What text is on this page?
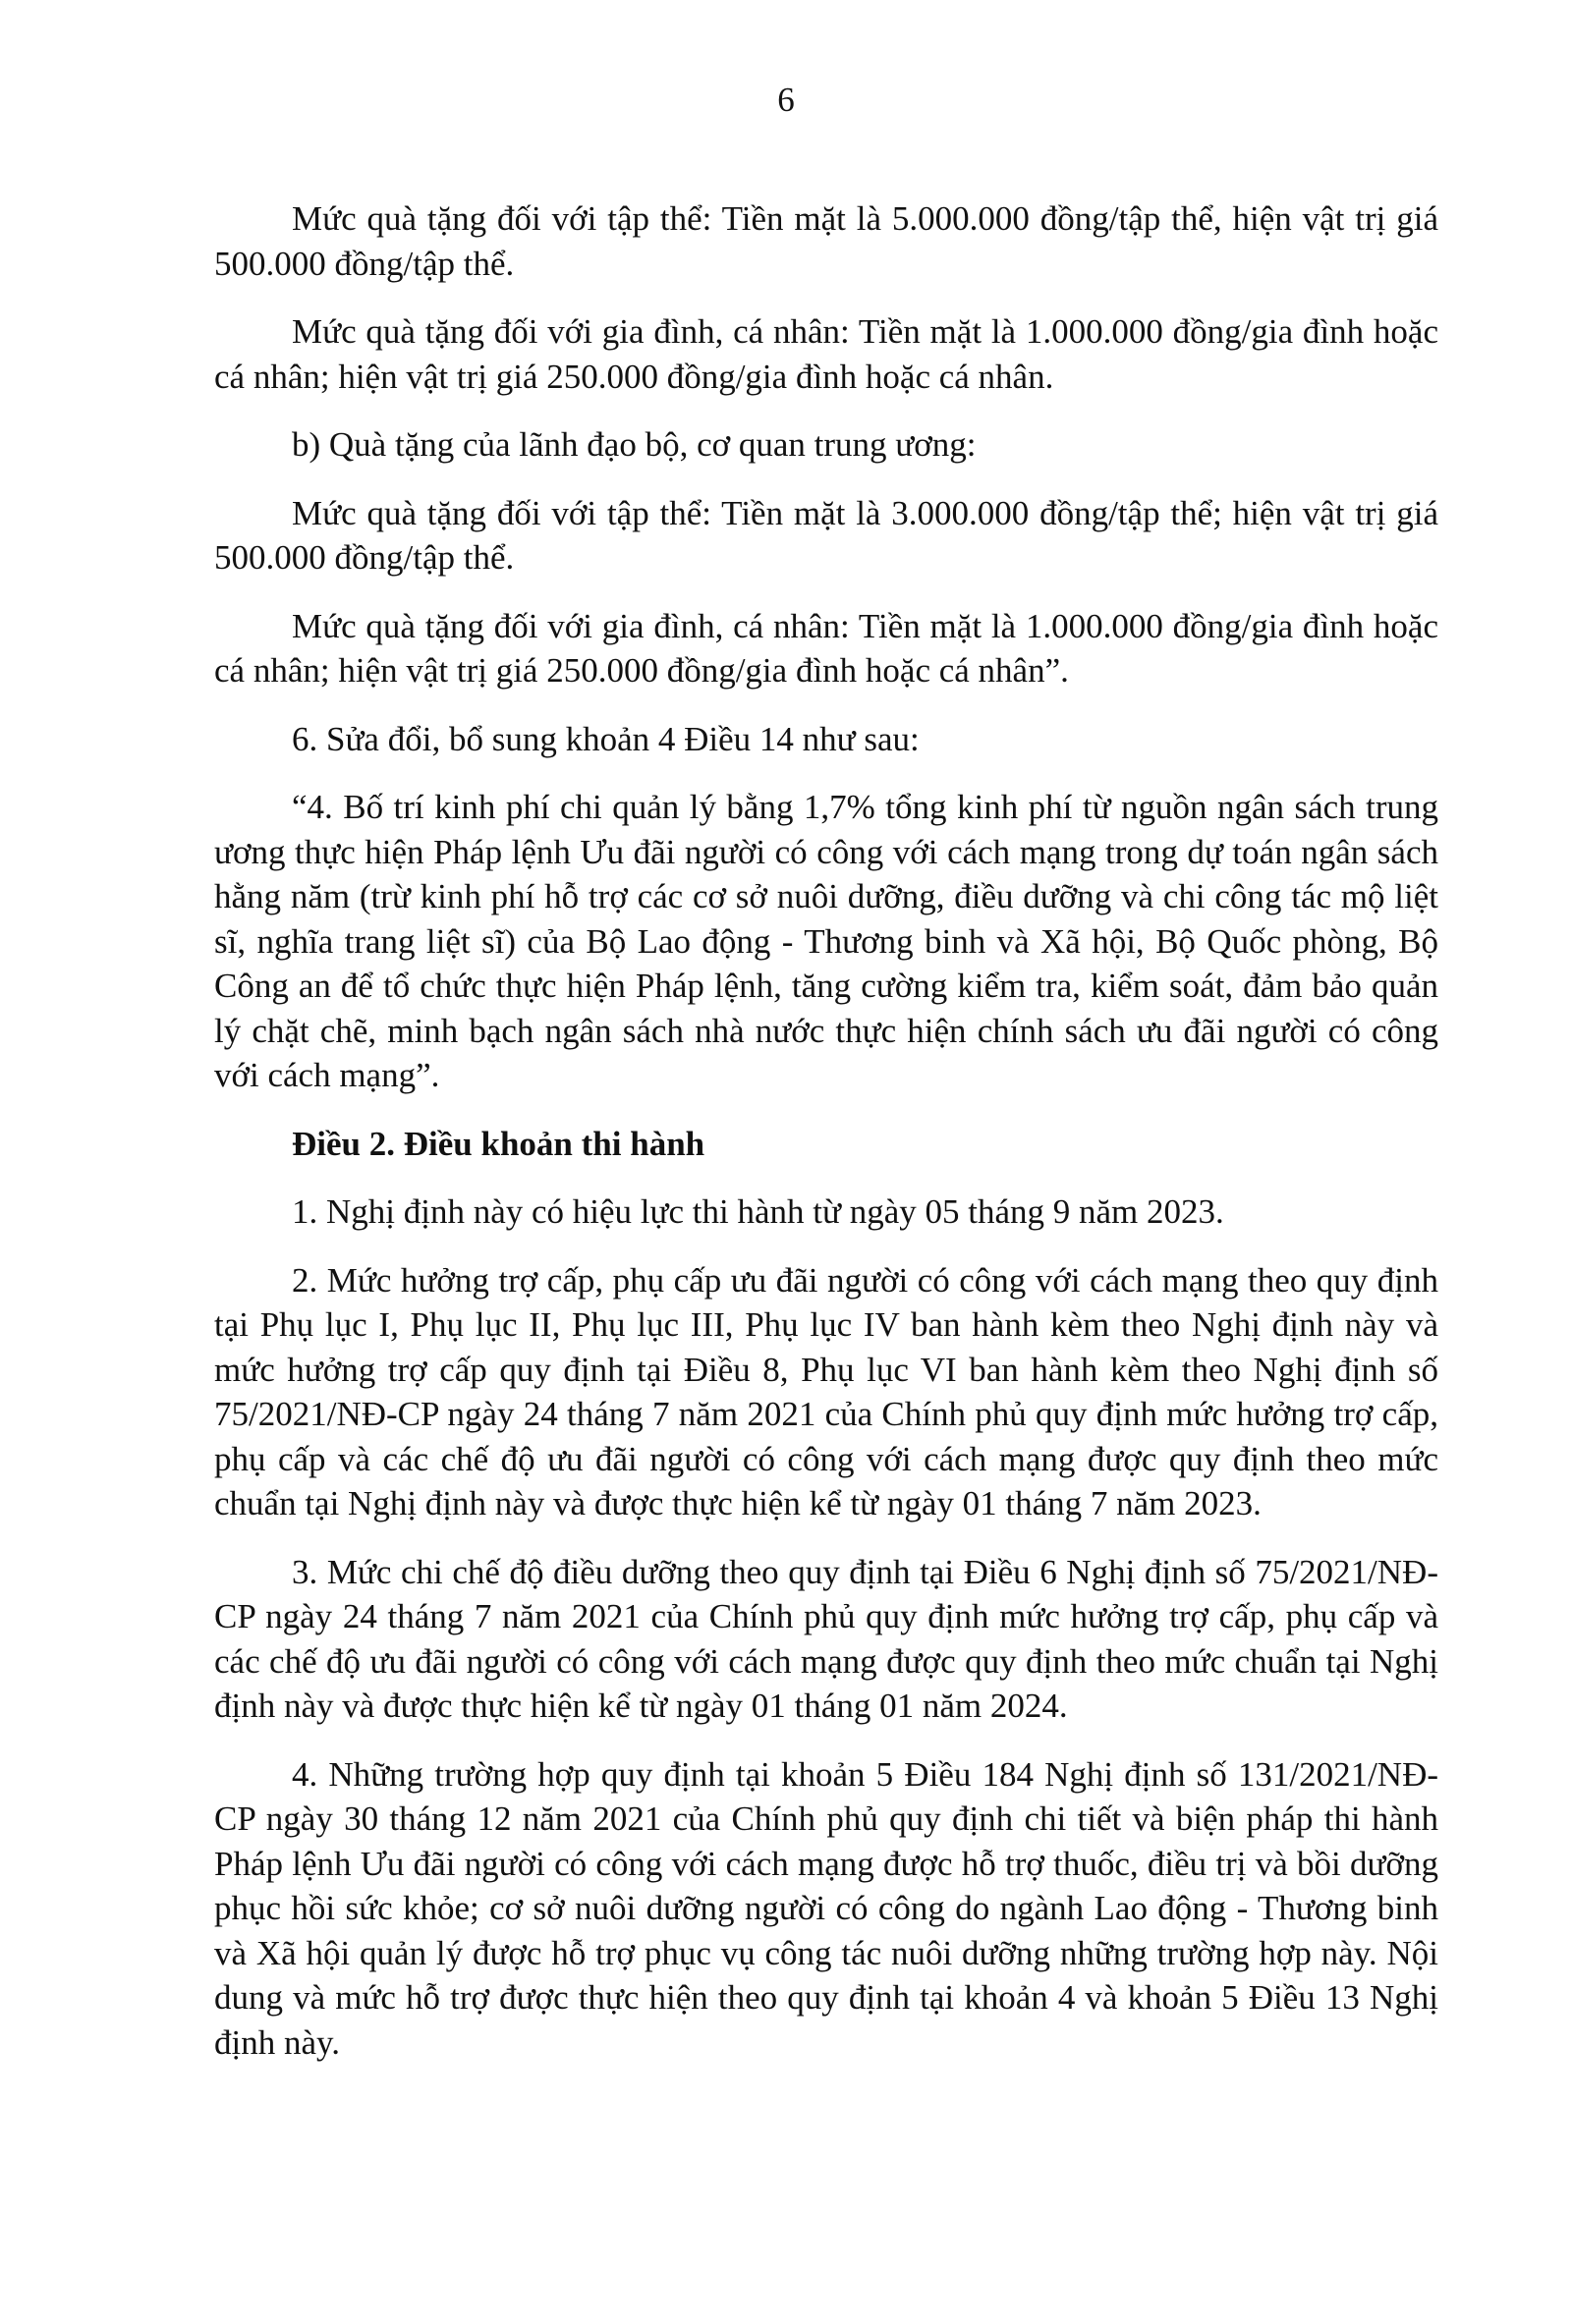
6

Mức quà tặng đối với tập thể: Tiền mặt là 5.000.000 đồng/tập thể, hiện vật trị giá 500.000 đồng/tập thể.

Mức quà tặng đối với gia đình, cá nhân: Tiền mặt là 1.000.000 đồng/gia đình hoặc cá nhân; hiện vật trị giá 250.000 đồng/gia đình hoặc cá nhân.

b) Quà tặng của lãnh đạo bộ, cơ quan trung ương:

Mức quà tặng đối với tập thể: Tiền mặt là 3.000.000 đồng/tập thể; hiện vật trị giá 500.000 đồng/tập thể.

Mức quà tặng đối với gia đình, cá nhân: Tiền mặt là 1.000.000 đồng/gia đình hoặc cá nhân; hiện vật trị giá 250.000 đồng/gia đình hoặc cá nhân”.

6. Sửa đổi, bổ sung khoản 4 Điều 14 như sau:

“4. Bố trí kinh phí chi quản lý bằng 1,7% tổng kinh phí từ nguồn ngân sách trung ương thực hiện Pháp lệnh Ưu đãi người có công với cách mạng trong dự toán ngân sách hằng năm (trừ kinh phí hỗ trợ các cơ sở nuôi dưỡng, điều dưỡng và chi công tác mộ liệt sĩ, nghĩa trang liệt sĩ) của Bộ Lao động - Thương binh và Xã hội, Bộ Quốc phòng, Bộ Công an để tổ chức thực hiện Pháp lệnh, tăng cường kiểm tra, kiểm soát, đảm bảo quản lý chặt chẽ, minh bạch ngân sách nhà nước thực hiện chính sách ưu đãi người có công với cách mạng”.

Điều 2. Điều khoản thi hành

1. Nghị định này có hiệu lực thi hành từ ngày 05 tháng 9 năm 2023.

2. Mức hưởng trợ cấp, phụ cấp ưu đãi người có công với cách mạng theo quy định tại Phụ lục I, Phụ lục II, Phụ lục III, Phụ lục IV ban hành kèm theo Nghị định này và mức hưởng trợ cấp quy định tại Điều 8, Phụ lục VI ban hành kèm theo Nghị định số 75/2021/NĐ-CP ngày 24 tháng 7 năm 2021 của Chính phủ quy định mức hưởng trợ cấp, phụ cấp và các chế độ ưu đãi người có công với cách mạng được quy định theo mức chuẩn tại Nghị định này và được thực hiện kể từ ngày 01 tháng 7 năm 2023.

3. Mức chi chế độ điều dưỡng theo quy định tại Điều 6 Nghị định số 75/2021/NĐ-CP ngày 24 tháng 7 năm 2021 của Chính phủ quy định mức hưởng trợ cấp, phụ cấp và các chế độ ưu đãi người có công với cách mạng được quy định theo mức chuẩn tại Nghị định này và được thực hiện kể từ ngày 01 tháng 01 năm 2024.

4. Những trường hợp quy định tại khoản 5 Điều 184 Nghị định số 131/2021/NĐ-CP ngày 30 tháng 12 năm 2021 của Chính phủ quy định chi tiết và biện pháp thi hành Pháp lệnh Ưu đãi người có công với cách mạng được hỗ trợ thuốc, điều trị và bồi dưỡng phục hồi sức khỏe; cơ sở nuôi dưỡng người có công do ngành Lao động - Thương binh và Xã hội quản lý được hỗ trợ phục vụ công tác nuôi dưỡng những trường hợp này. Nội dung và mức hỗ trợ được thực hiện theo quy định tại khoản 4 và khoản 5 Điều 13 Nghị định này.
